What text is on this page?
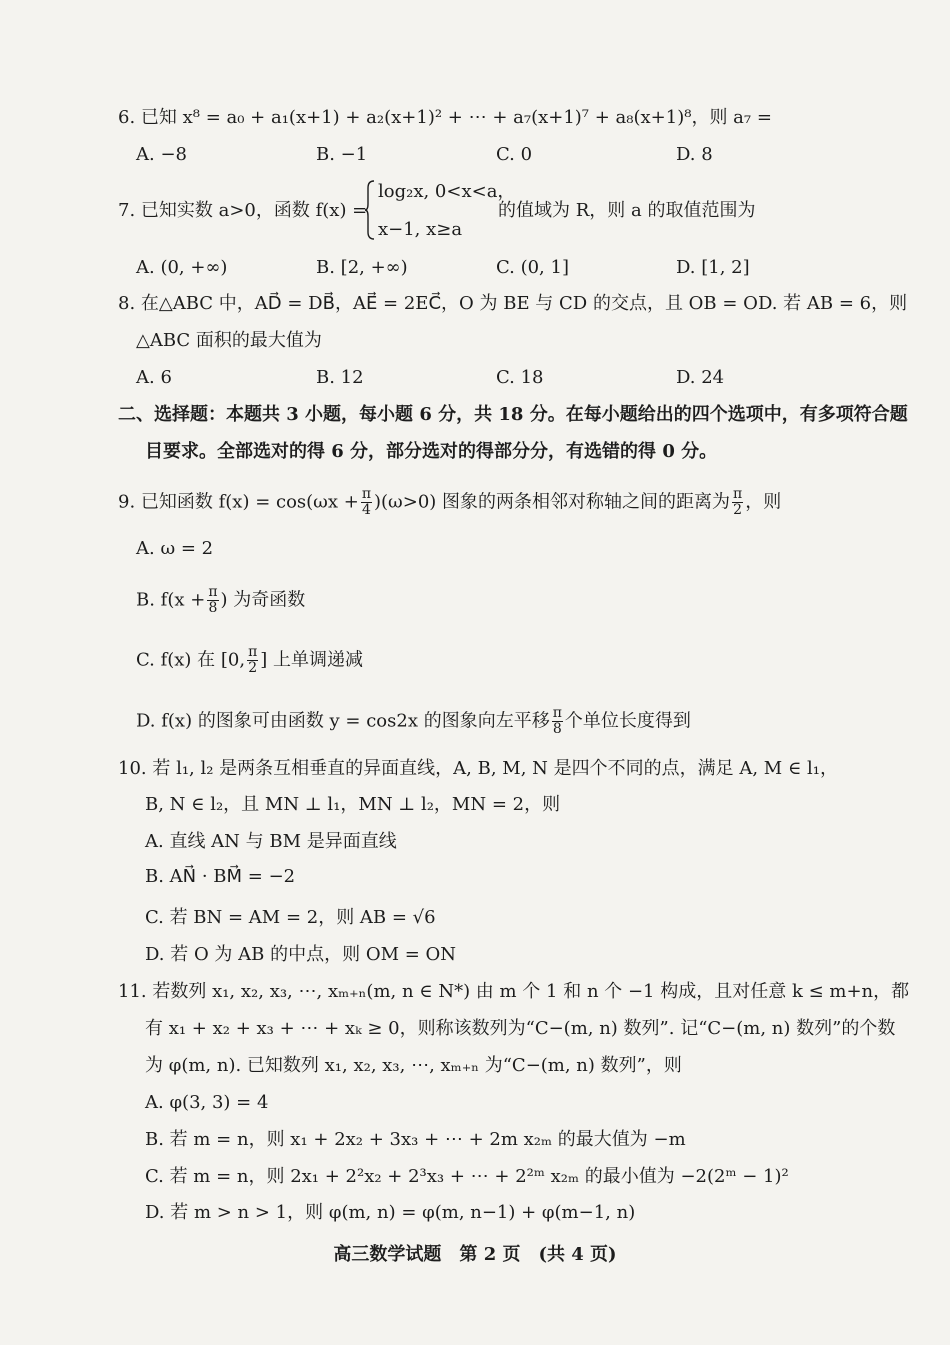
6. 已知 x⁸ = a₀ + a₁(x+1) + a₂(x+1)² + ⋯ + a₇(x+1)⁷ + a₈(x+1)⁸，则 a₇ =
A. −8	B. −1	C. 0	D. 8
7. 已知实数 a>0，函数 f(x) =
log₂x, 0<x<a，
x−1, x≥a
的值域为 R，则 a 的取值范围为
A. (0, +∞)	B. [2, +∞)	C. (0, 1]	D. [1, 2]
8. 在△ABC 中，AD⃗ = DB⃗，AE⃗ = 2EC⃗，O 为 BE 与 CD 的交点，且 OB = OD. 若 AB = 6，则
△ABC 面积的最大值为
A. 6	B. 12	C. 18	D. 24
二、选择题：本题共 3 小题，每小题 6 分，共 18 分。在每小题给出的四个选项中，有多项符合题
目要求。全部选对的得 6 分，部分选对的得部分分，有选错的得 0 分。
9. 已知函数 $f(x) = \cos(\omega x + \frac{\pi}{4} )(\omega>0)$ 图象的两条相邻对称轴之间的距离为 $\frac{\pi}{2}$ ，则
A. ω = 2
B. $f(x + \frac{\pi}{8}$ ) 为奇函数
C. f(x) 在 [0, $\frac{\pi}{2}$ ] 上单调递减
D. f(x) 的图象可由函数 y = cos2x 的图象向左平移 $\frac{\pi}{8}$ 个单位长度得到
10. 若 l₁, l₂ 是两条互相垂直的异面直线，A, B, M, N 是四个不同的点，满足 A, M ∈ l₁，
B, N ∈ l₂，且 MN ⊥ l₁，MN ⊥ l₂，MN = 2，则
A. 直线 AN 与 BM 是异面直线
B. AN⃗ · BM⃗ = −2
C. 若 BN = AM = 2，则 AB = √6
D. 若 O 为 AB 的中点，则 OM = ON
11. 若数列 x₁, x₂, x₃, ⋯, xₘ₊ₙ(m, n ∈ N*) 由 m 个 1 和 n 个 −1 构成，且对任意 k ≤ m+n，都
有 x₁ + x₂ + x₃ + ⋯ + xₖ ≥ 0，则称该数列为“C−(m, n) 数列”. 记“C−(m, n) 数列”的个数
为 φ(m, n). 已知数列 x₁, x₂, x₃, ⋯, xₘ₊ₙ 为“C−(m, n) 数列”，则
A. φ(3, 3) = 4
B. 若 m = n，则 x₁ + 2x₂ + 3x₃ + ⋯ + 2m x₂ₘ 的最大值为 −m
C. 若 m = n，则 2x₁ + 2²x₂ + 2³x₃ + ⋯ + 2²ᵐ x₂ₘ 的最小值为 −2(2ᵐ − 1)²
D. 若 m > n > 1，则 φ(m, n) = φ(m, n−1) + φ(m−1, n)
高三数学试题　第 2 页　(共 4 页)
